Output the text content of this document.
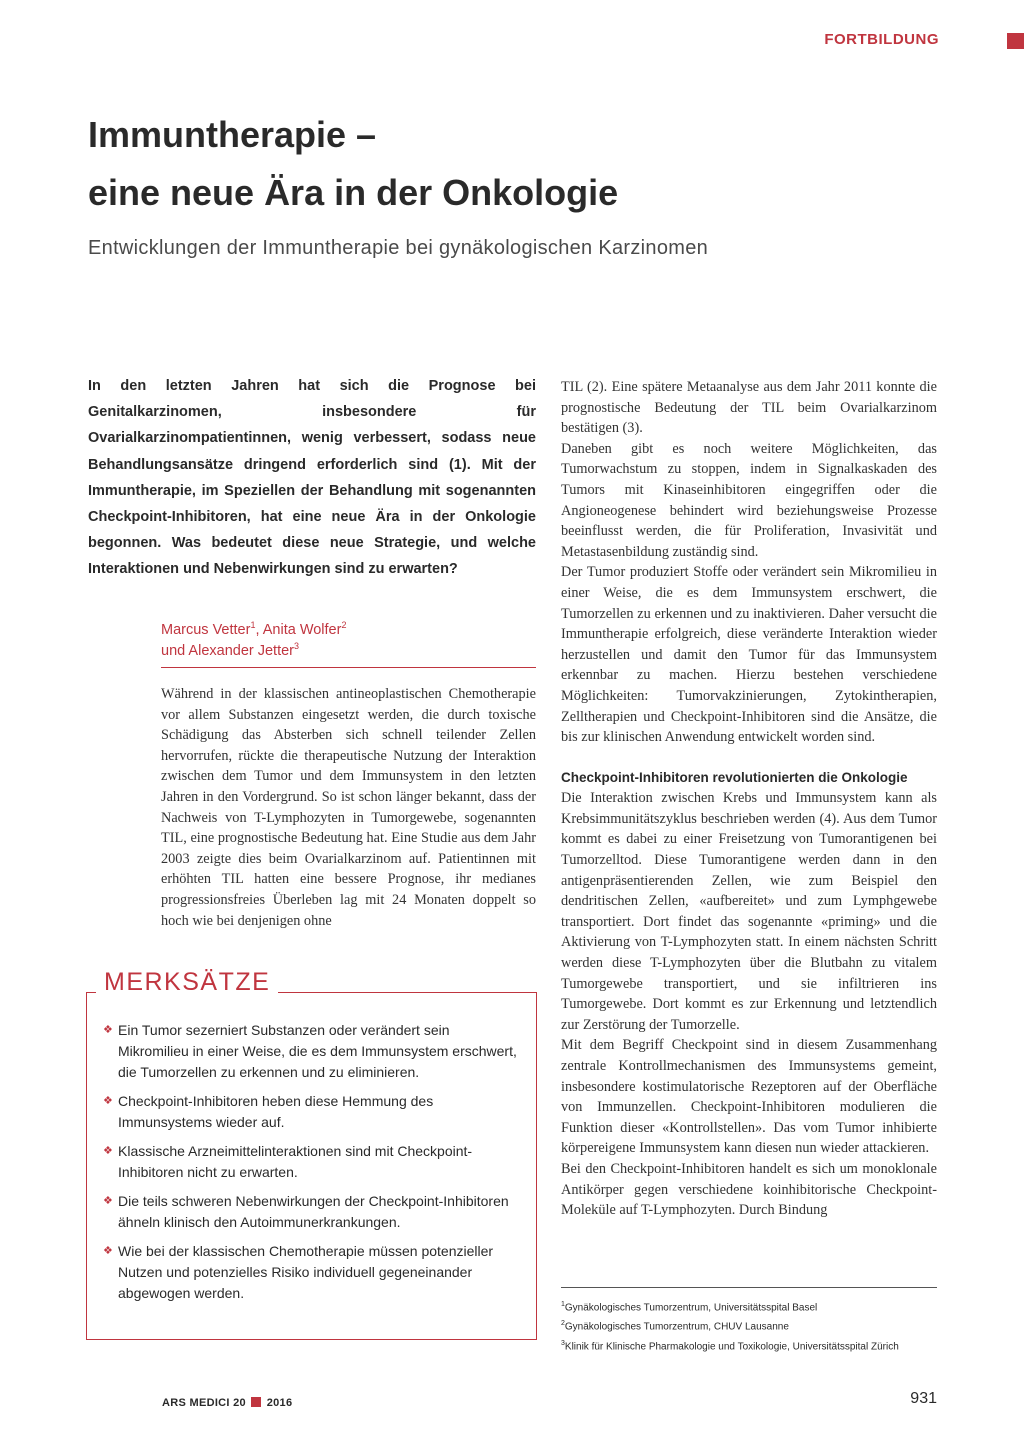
FORTBILDUNG
Immuntherapie –
eine neue Ära in der Onkologie

Entwicklungen der Immuntherapie bei gynäkologischen Karzinomen

In den letzten Jahren hat sich die Prognose bei Genitalkarzinomen, insbesondere für Ovarialkarzinompatientinnen, wenig verbessert, sodass neue Behandlungsansätze dringend erforderlich sind (1). Mit der Immuntherapie, im Speziellen der Behandlung mit sogenannten Checkpoint-Inhibitoren, hat eine neue Ära in der Onkologie begonnen. Was bedeutet diese neue Strategie, und welche Interaktionen und Nebenwirkungen sind zu erwarten?

Marcus Vetter$^1$, Anita Wolfer$^2$
und Alexander Jetter$^3$

Während in der klassischen antineoplastischen Chemotherapie vor allem Substanzen eingesetzt werden, die durch toxische Schädigung das Absterben sich schnell teilender Zellen hervorrufen, rückte die therapeutische Nutzung der Interaktion zwischen dem Tumor und dem Immunsystem in den letzten Jahren in den Vordergrund. So ist schon länger bekannt, dass der Nachweis von T-Lymphozyten in Tumorgewebe, sogenannten TIL, eine prognostische Bedeutung hat. Eine Studie aus dem Jahr 2003 zeigte dies beim Ovarialkarzinom auf. Patientinnen mit erhöhten TIL hatten eine bessere Prognose, ihr medianes progressionsfreies Überleben lag mit 24 Monaten doppelt so hoch wie bei denjenigen ohne

MERKSÄTZE
❖ Ein Tumor sezerniert Substanzen oder verändert sein Mikromilieu in einer Weise, die es dem Immunsystem erschwert, die Tumorzellen zu erkennen und zu eliminieren.
❖ Checkpoint-Inhibitoren heben diese Hemmung des Immunsystems wieder auf.
❖ Klassische Arzneimittelinteraktionen sind mit Checkpoint-Inhibitoren nicht zu erwarten.
❖ Die teils schweren Nebenwirkungen der Checkpoint-Inhibitoren ähneln klinisch den Autoimmunerkrankungen.
❖ Wie bei der klassischen Chemotherapie müssen potenzieller Nutzen und potenzielles Risiko individuell gegeneinander abgewogen werden.

TIL (2). Eine spätere Metaanalyse aus dem Jahr 2011 konnte die prognostische Bedeutung der TIL beim Ovarialkarzinom bestätigen (3).

Daneben gibt es noch weitere Möglichkeiten, das Tumorwachstum zu stoppen, indem in Signalkaskaden des Tumors mit Kinaseinhibitoren eingegriffen oder die Angioneogenese behindert wird beziehungsweise Prozesse beeinflusst werden, die für Proliferation, Invasivität und Metastasenbildung zuständig sind.

Der Tumor produziert Stoffe oder verändert sein Mikromilieu in einer Weise, die es dem Immunsystem erschwert, die Tumorzellen zu erkennen und zu inaktivieren. Daher versucht die Immuntherapie erfolgreich, diese veränderte Interaktion wieder herzustellen und damit den Tumor für das Immunsystem erkennbar zu machen. Hierzu bestehen verschiedene Möglichkeiten: Tumorvakzinierungen, Zytokintherapien, Zelltherapien und Checkpoint-Inhibitoren sind die Ansätze, die bis zur klinischen Anwendung entwickelt worden sind.

Checkpoint-Inhibitoren revolutionierten die Onkologie

Die Interaktion zwischen Krebs und Immunsystem kann als Krebsimmunitätszyklus beschrieben werden (4). Aus dem Tumor kommt es dabei zu einer Freisetzung von Tumorantigenen bei Tumorzelltod. Diese Tumorantigene werden dann in den antigenpräsentierenden Zellen, wie zum Beispiel den dendritischen Zellen, «aufbereitet» und zum Lymphgewebe transportiert. Dort findet das sogenannte «priming» und die Aktivierung von T-Lymphozyten statt. In einem nächsten Schritt werden diese T-Lymphozyten über die Blutbahn zu vitalem Tumorgewebe transportiert, und sie infiltrieren ins Tumorgewebe. Dort kommt es zur Erkennung und letztendlich zur Zerstörung der Tumorzelle.

Mit dem Begriff Checkpoint sind in diesem Zusammenhang zentrale Kontrollmechanismen des Immunsystems gemeint, insbesondere kostimulatorische Rezeptoren auf der Oberfläche von Immunzellen. Checkpoint-Inhibitoren modulieren die Funktion dieser «Kontrollstellen». Das vom Tumor inhibierte körpereigene Immunsystem kann diesen nun wieder attackieren.

Bei den Checkpoint-Inhibitoren handelt es sich um monoklonale Antikörper gegen verschiedene koinhibitorische Checkpoint-Moleküle auf T-Lymphozyten. Durch Bindung

$^1$Gynäkologisches Tumorzentrum, Universitätsspital Basel
$^2$Gynäkologisches Tumorzentrum, CHUV Lausanne
$^3$Klinik für Klinische Pharmakologie und Toxikologie, Universitätsspital Zürich
ARS MEDICI 20 2016	931
